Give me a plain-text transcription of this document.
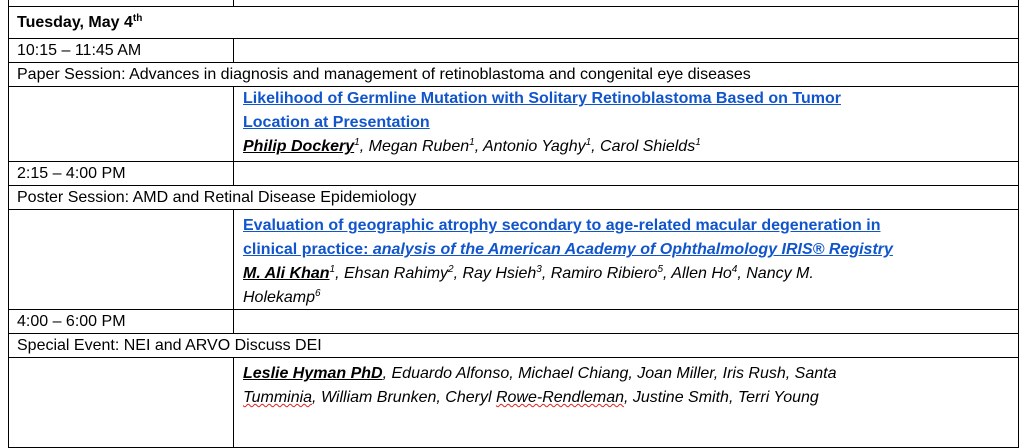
Tuesday, May 4th
10:15 – 11:45 AM
Paper Session: Advances in diagnosis and management of retinoblastoma and congenital eye diseases
Likelihood of Germline Mutation with Solitary Retinoblastoma Based on Tumor
Location at Presentation
Philip Dockery$^1$, Megan Ruben$^1$, Antonio Yaghy$^1$, Carol Shields$^1$
2:15 – 4:00 PM
Poster Session: AMD and Retinal Disease Epidemiology
Evaluation of geographic atrophy secondary to age-related macular degeneration in
clinical practice: analysis of the American Academy of Ophthalmology IRIS® Registry
M. Ali Khan$^1$, Ehsan Rahimy$^2$, Ray Hsieh$^3$, Ramiro Ribiero$^5$, Allen Ho$^4$, Nancy M.
Holekamp$^6$
4:00 – 6:00 PM
Special Event: NEI and ARVO Discuss DEI
Leslie Hyman PhD, Eduardo Alfonso, Michael Chiang, Joan Miller, Iris Rush, Santa
Tumminia, William Brunken, Cheryl Rowe-Rendleman, Justine Smith, Terri Young
